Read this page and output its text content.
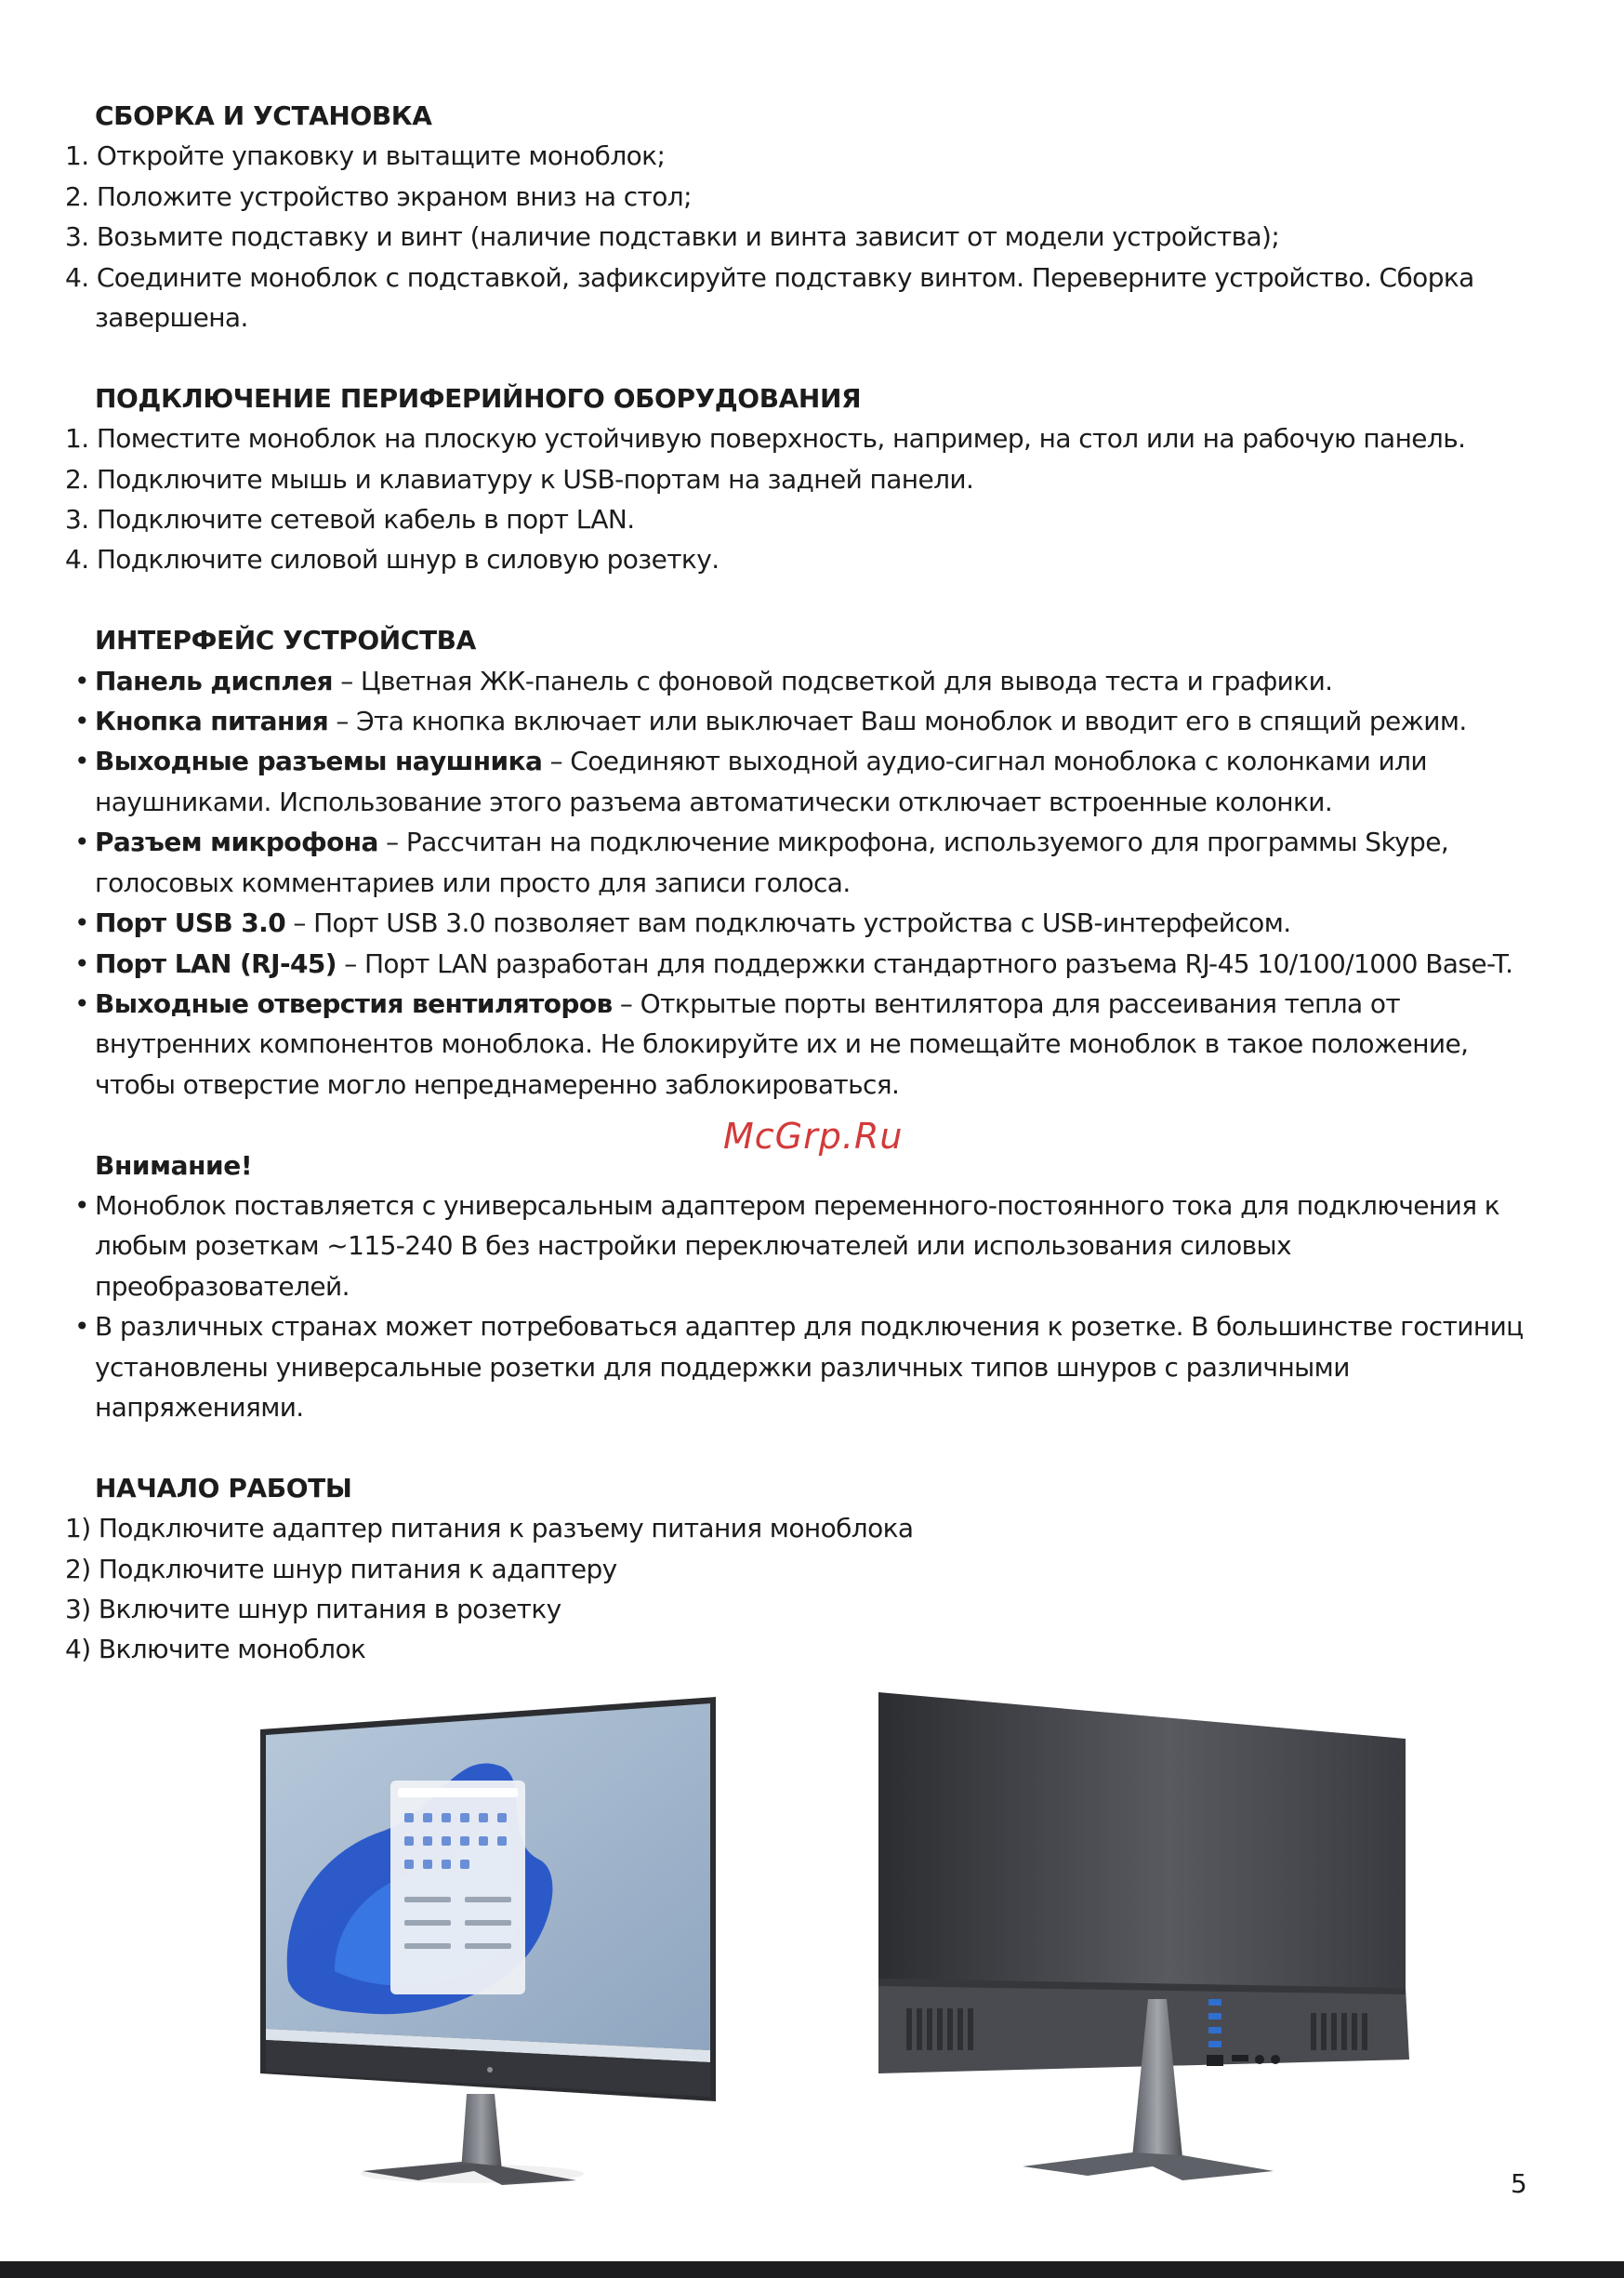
СБОРКА И УСТАНОВКА

1. Откройте упаковку и вытащите моноблок;
2. Положите устройство экраном вниз на стол;
3. Возьмите подставку и винт (наличие подставки и винта зависит от модели устройства);
4. Соедините моноблок с подставкой, зафиксируйте подставку винтом. Переверните устройство. Сборка завершена.

ПОДКЛЮЧЕНИЕ ПЕРИФЕРИЙНОГО ОБОРУДОВАНИЯ

1. Поместите моноблок на плоскую устойчивую поверхность, например, на стол или на рабочую панель.
2. Подключите мышь и клавиатуру к USB-портам на задней панели.
3. Подключите сетевой кабель в порт LAN.
4. Подключите силовой шнур в силовую розетку.

ИНТЕРФЕЙС УСТРОЙСТВА

• Панель дисплея – Цветная ЖК-панель с фоновой подсветкой для вывода теста и графики.
• Кнопка питания – Эта кнопка включает или выключает Ваш моноблок и вводит его в спящий режим.
• Выходные разъемы наушника – Соединяют выходной аудио-сигнал моноблока с колонками или наушниками. Использование этого разъема автоматически отключает встроенные колонки.
• Разъем микрофона – Рассчитан на подключение микрофона, используемого для программы Skype, голосовых комментариев или просто для записи голоса.
• Порт USB 3.0 – Порт USB 3.0 позволяет вам подключать устройства с USB-интерфейсом.
• Порт LAN (RJ-45) – Порт LAN разработан для поддержки стандартного разъема RJ-45 10/100/1000 Base-T.
• Выходные отверстия вентиляторов – Открытые порты вентилятора для рассеивания тепла от внутренних компонентов моноблока. Не блокируйте их и не помещайте моноблок в такое положение, чтобы отверстие могло непреднамеренно заблокироваться.

Внимание!

• Моноблок поставляется с универсальным адаптером переменного-постоянного тока для подключения к любым розеткам ~115-240 В без настройки переключателей или использования силовых преобразователей.
• В различных странах может потребоваться адаптер для подключения к розетке. В большинстве гостиниц установлены универсальные розетки для поддержки различных типов шнуров с различными напряжениями.

НАЧАЛО РАБОТЫ

1) Подключите адаптер питания к разъему питания моноблока
2) Подключите шнур питания к адаптеру
3) Включите шнур питания в розетку
4) Включите моноблок
McGrp.Ru
5
